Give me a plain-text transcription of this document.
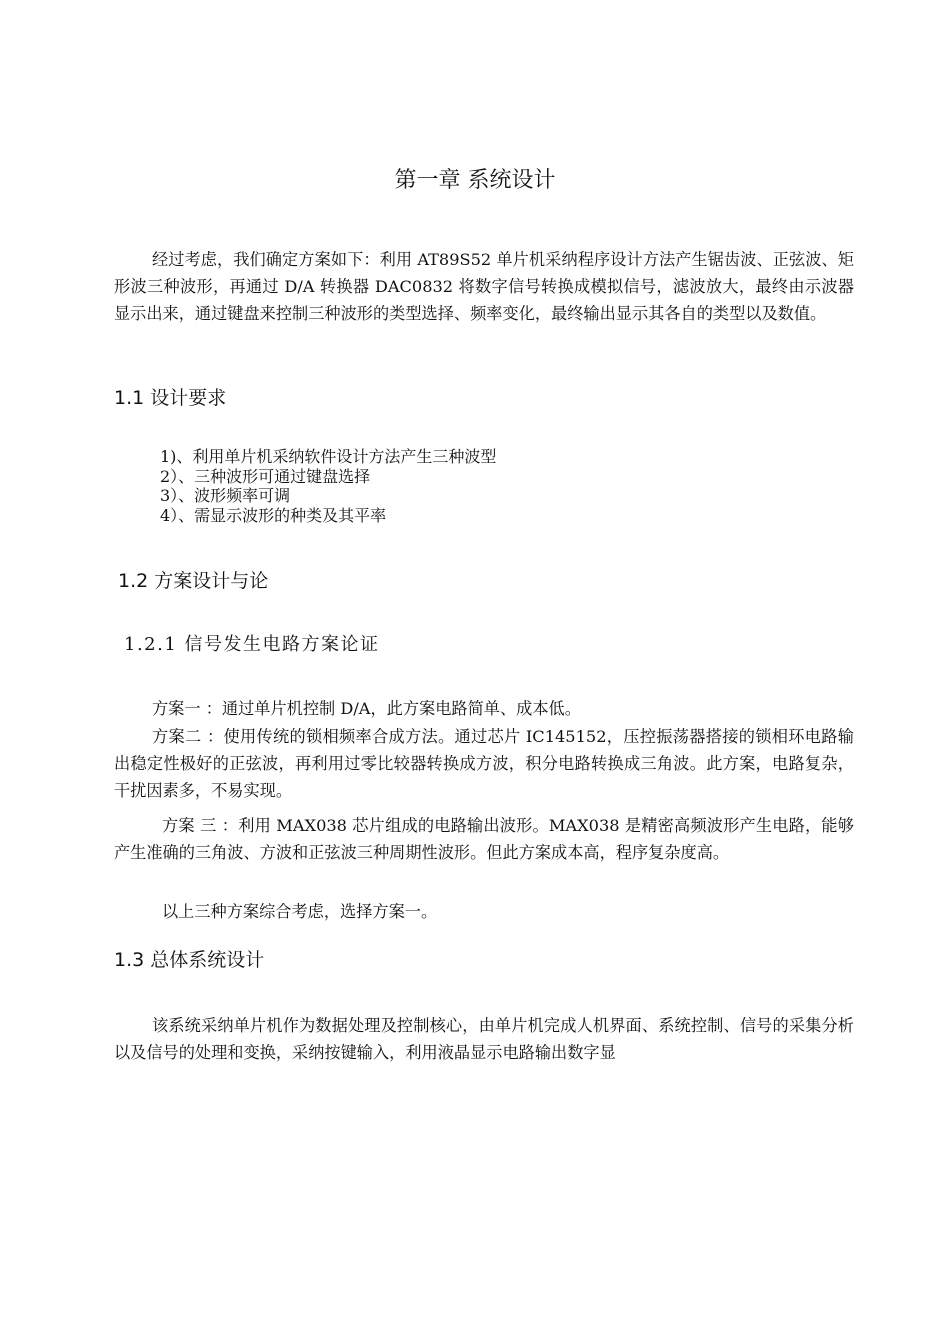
第一章 系统设计

经过考虑，我们确定方案如下：利用 AT89S52 单片机采纳程序设计方法产生锯齿波、正弦波、矩形波三种波形，再通过 D/A 转换器 DAC0832 将数字信号转换成模拟信号，滤波放大，最终由示波器显示出来，通过键盘来控制三种波形的类型选择、频率变化，最终输出显示其各自的类型以及数值。

1.1 设计要求
1)、利用单片机采纳软件设计方法产生三种波型
2）、三种波形可通过键盘选择
3）、波形频率可调
4）、需显示波形的种类及其平率
1.2 方案设计与论
1.2.1 信号发生电路方案论证
方案一 ：通过单片机控制 D/A，此方案电路简单、成本低。

方案二 ：使用传统的锁相频率合成方法。通过芯片 IC145152，压控振荡器搭接的锁相环电路输出稳定性极好的正弦波，再利用过零比较器转换成方波，积分电路转换成三角波。此方案，电路复杂，干扰因素多，不易实现。

方案 三 ：利用 MAX038 芯片组成的电路输出波形。MAX038 是精密高频波形产生电路，能够产生准确的三角波、方波和正弦波三种周期性波形。但此方案成本高，程序复杂度高。

以上三种方案综合考虑，选择方案一。
1.3 总体系统设计

该系统采纳单片机作为数据处理及控制核心，由单片机完成人机界面、系统控制、信号的采集分析以及信号的处理和变换，采纳按键输入，利用液晶显示电路输出数字显
